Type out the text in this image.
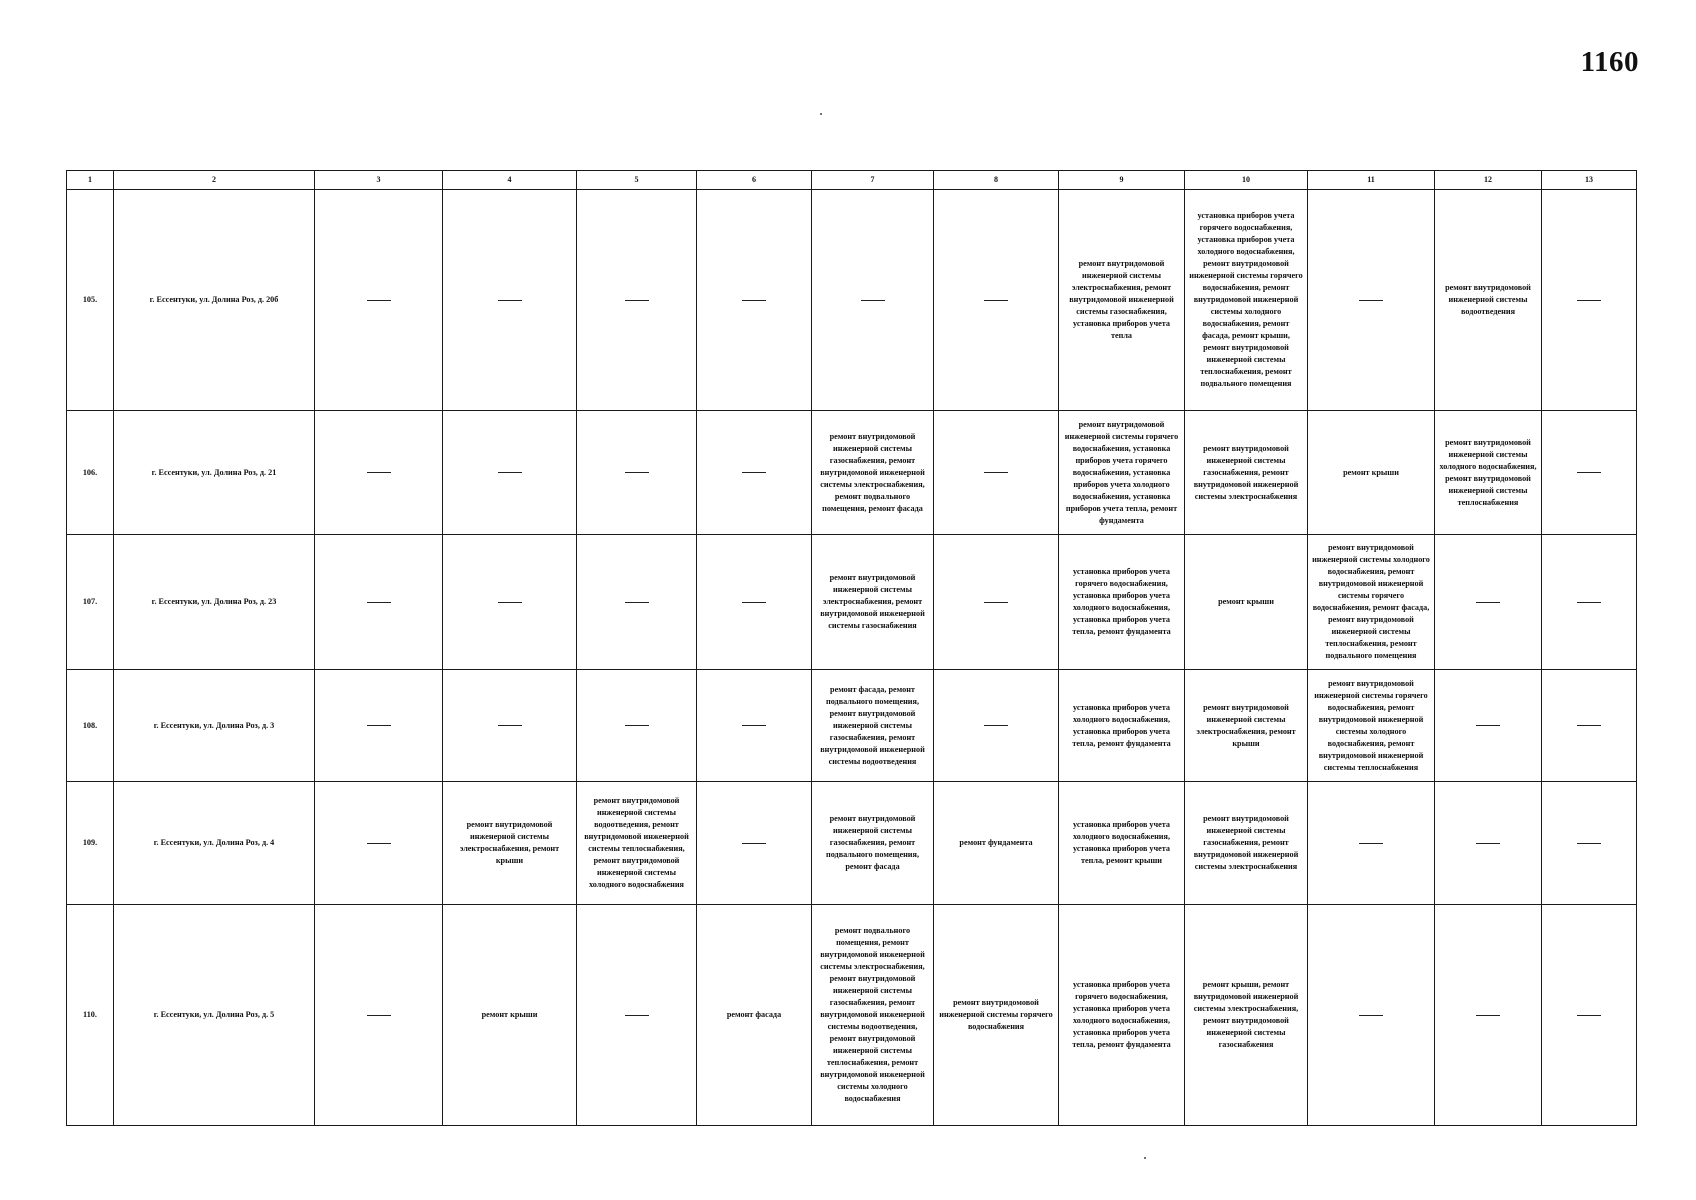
1160
1	2	3	4	5	6	7	8	9	10	11	12	13
105.	г. Ессентуки, ул. Долина Роз, д. 20б							ремонт внутридомовой инженерной системы электроснабжения, ремонт внутридомовой инженерной системы газоснабжения, установка приборов учета тепла	установка приборов учета горячего водоснабжения, установка приборов учета холодного водоснабжения, ремонт внутридомовой инженерной системы горячего водоснабжения, ремонт внутридомовой инженерной системы холодного водоснабжения, ремонт фасада, ремонт крыши, ремонт внутридомовой инженерной системы теплоснабжения, ремонт подвального помещения		ремонт внутридомовой инженерной системы водоотведения	
106.	г. Ессентуки, ул. Долина Роз, д. 21					ремонт внутридомовой инженерной системы газоснабжения, ремонт внутридомовой инженерной системы электроснабжения, ремонт подвального помещения, ремонт фасада		ремонт внутридомовой инженерной системы горячего водоснабжения, установка приборов учета горячего водоснабжения, установка приборов учета холодного водоснабжения, установка приборов учета тепла, ремонт фундамента	ремонт внутридомовой инженерной системы газоснабжения, ремонт внутридомовой инженерной системы электроснабжения	ремонт крыши	ремонт внутридомовой инженерной системы холодного водоснабжения, ремонт внутридомовой инженерной системы теплоснабжения	
107.	г. Ессентуки, ул. Долина Роз, д. 23					ремонт внутридомовой инженерной системы электроснабжения, ремонт внутридомовой инженерной системы газоснабжения		установка приборов учета горячего водоснабжения, установка приборов учета холодного водоснабжения, установка приборов учета тепла, ремонт фундамента	ремонт крыши	ремонт внутридомовой инженерной системы холодного водоснабжения, ремонт внутридомовой инженерной системы горячего водоснабжения, ремонт фасада, ремонт внутридомовой инженерной системы теплоснабжения, ремонт подвального помещения		
108.	г. Ессентуки, ул. Долина Роз, д. 3					ремонт фасада, ремонт подвального помещения, ремонт внутридомовой инженерной системы газоснабжения, ремонт внутридомовой инженерной системы водоотведения		установка приборов учета холодного водоснабжения, установка приборов учета тепла, ремонт фундамента	ремонт внутридомовой инженерной системы электроснабжения, ремонт крыши	ремонт внутридомовой инженерной системы горячего водоснабжения, ремонт внутридомовой инженерной системы холодного водоснабжения, ремонт внутридомовой инженерной системы теплоснабжения		
109.	г. Ессентуки, ул. Долина Роз, д. 4		ремонт внутридомовой инженерной системы электроснабжения, ремонт крыши	ремонт внутридомовой инженерной системы водоотведения, ремонт внутридомовой инженерной системы теплоснабжения, ремонт внутридомовой инженерной системы холодного водоснабжения		ремонт внутридомовой инженерной системы газоснабжения, ремонт подвального помещения, ремонт фасада	ремонт фундамента	установка приборов учета холодного водоснабжения, установка приборов учета тепла, ремонт крыши	ремонт внутридомовой инженерной системы газоснабжения, ремонт внутридомовой инженерной системы электроснабжения			
110.	г. Ессентуки, ул. Долина Роз, д. 5		ремонт крыши		ремонт фасада	ремонт подвального помещения, ремонт внутридомовой инженерной системы электроснабжения, ремонт внутридомовой инженерной системы газоснабжения, ремонт внутридомовой инженерной системы водоотведения, ремонт внутридомовой инженерной системы теплоснабжения, ремонт внутридомовой инженерной системы холодного водоснабжения	ремонт внутридомовой инженерной системы горячего водоснабжения	установка приборов учета горячего водоснабжения, установка приборов учета холодного водоснабжения, установка приборов учета тепла, ремонт фундамента	ремонт крыши, ремонт внутридомовой инженерной системы электроснабжения, ремонт внутридомовой инженерной системы газоснабжения			
